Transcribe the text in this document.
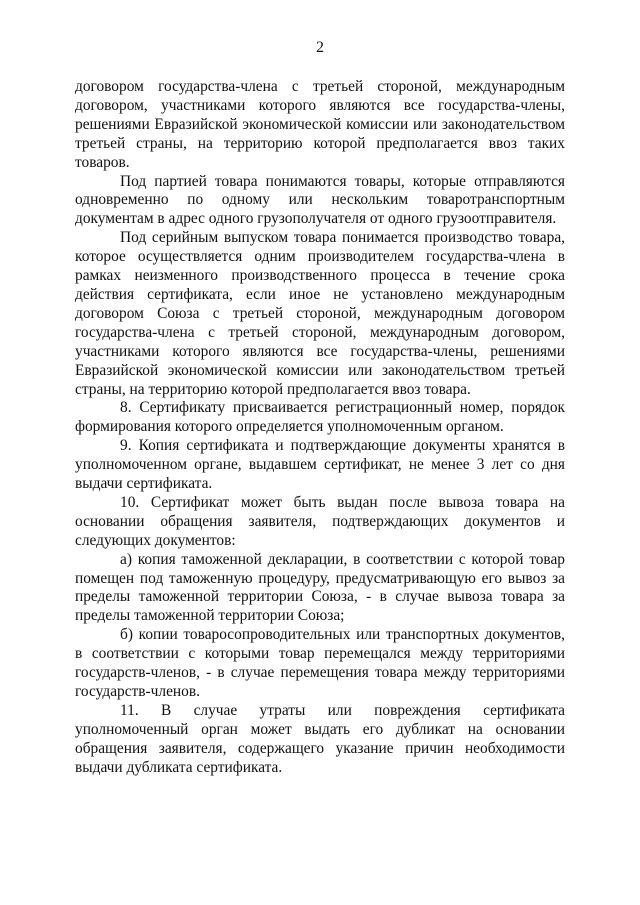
2

договором государства-члена с третьей стороной, международным договором, участниками которого являются все государства-члены, решениями Евразийской экономической комиссии или законодательством третьей страны, на территорию которой предполагается ввоз таких товаров.

Под партией товара понимаются товары, которые отправляются одновременно по одному или нескольким товаротранспортным документам в адрес одного грузополучателя от одного грузоотправителя.

Под серийным выпуском товара понимается производство товара, которое осуществляется одним производителем государства-члена в рамках неизменного производственного процесса в течение срока действия сертификата, если иное не установлено международным договором Союза с третьей стороной, международным договором государства-члена с третьей стороной, международным договором, участниками которого являются все государства-члены, решениями Евразийской экономической комиссии или законодательством третьей страны, на территорию которой предполагается ввоз товара.

8. Сертификату присваивается регистрационный номер, порядок формирования которого определяется уполномоченным органом.

9. Копия сертификата и подтверждающие документы хранятся в уполномоченном органе, выдавшем сертификат, не менее 3 лет со дня выдачи сертификата.

10. Сертификат может быть выдан после вывоза товара на основании обращения заявителя, подтверждающих документов и следующих документов:

а) копия таможенной декларации, в соответствии с которой товар помещен под таможенную процедуру, предусматривающую его вывоз за пределы таможенной территории Союза, - в случае вывоза товара за пределы таможенной территории Союза;

б) копии товаросопроводительных или транспортных документов, в соответствии с которыми товар перемещался между территориями государств-членов, - в случае перемещения товара между территориями государств-членов.

11. В случае утраты или повреждения сертификата уполномоченный орган может выдать его дубликат на основании обращения заявителя, содержащего указание причин необходимости выдачи дубликата сертификата.
